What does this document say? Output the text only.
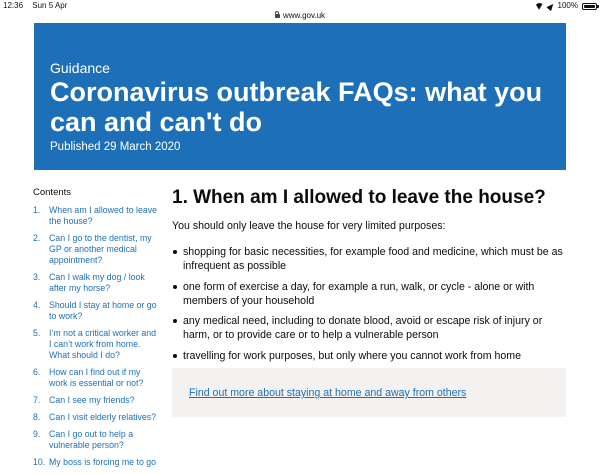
12:36 Sun 5 Apr	100%
www.gov.uk
Guidance
Coronavirus outbreak FAQs: what you can and can't do
Published 29 March 2020
Contents
1. When am I allowed to leave the house?
2. Can I go to the dentist, my GP or another medical appointment?
3. Can I walk my dog / look after my horse?
4. Should I stay at home or go to work?
5. I’m not a critical worker and I can’t work from home. What should I do?
6. How can I find out if my work is essential or not?
7. Can I see my friends?
8. Can I visit elderly relatives?
9. Can I go out to help a vulnerable person?
10. My boss is forcing me to go
1. When am I allowed to leave the house?

You should only leave the house for very limited purposes:

shopping for basic necessities, for example food and medicine, which must be as infrequent as possible
one form of exercise a day, for example a run, walk, or cycle - alone or with members of your household
any medical need, including to donate blood, avoid or escape risk of injury or harm, or to provide care or to help a vulnerable person
travelling for work purposes, but only where you cannot work from home
Find out more about staying at home and away from others
